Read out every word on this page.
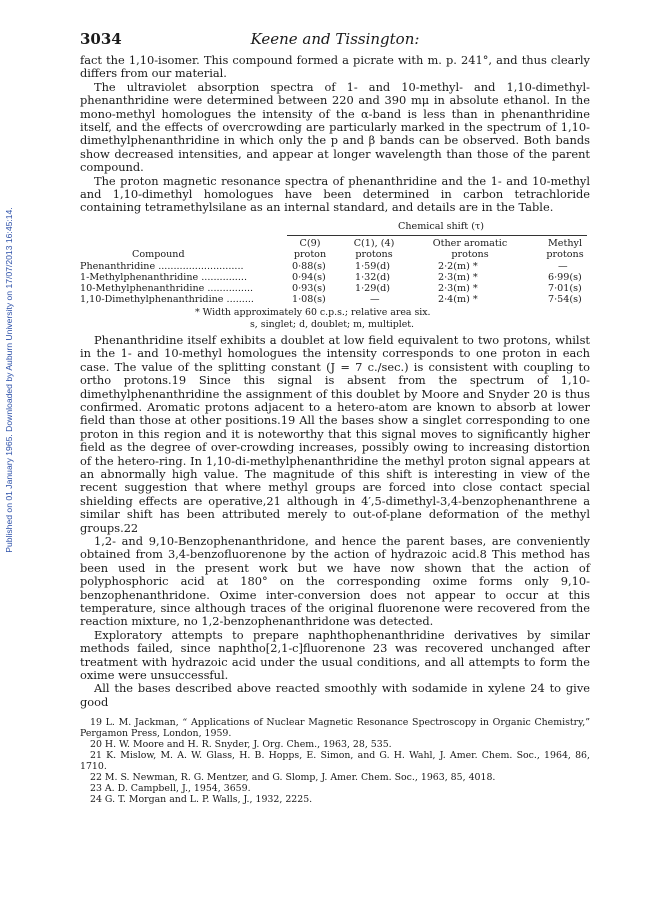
Published on 01 January 1965. Downloaded by Auburn University on 17/07/2013 16:45:14.
3034	Keene and Tissington:

fact the 1,10-isomer. This compound formed a picrate with m. p. 241°, and thus clearly differs from our material.

The ultraviolet absorption spectra of 1- and 10-methyl- and 1,10-dimethyl-phenanthridine were determined between 220 and 390 mμ in absolute ethanol. In the mono-methyl homologues the intensity of the α-band is less than in phenanthridine itself, and the effects of overcrowding are particularly marked in the spectrum of 1,10-dimethylphenanthridine in which only the p and β bands can be observed. Both bands show decreased intensities, and appear at longer wavelength than those of the parent compound.

The proton magnetic resonance spectra of phenanthridine and the 1- and 10-methyl and 1,10-dimethyl homologues have been determined in carbon tetrachloride containing tetramethylsilane as an internal standard, and details are in the Table.

Chemical shift (τ)
Compound
C(9) proton
C(1), (4) protons
Other aromatic protons
Methyl protons
Phenanthridine ............................	0·88(s)	1·59(d)	2·2(m) *	—
1-Methylphenanthridine ...............	0·94(s)	1·32(d)	2·3(m) *	6·99(s)
10-Methylphenanthridine ...............	0·93(s)	1·29(d)	2·3(m) *	7·01(s)
1,10-Dimethylphenanthridine .........	1·08(s)	—	2·4(m) *	7·54(s)
* Width approximately 60 c.p.s.; relative area six.
s, singlet; d, doublet; m, multiplet.

Phenanthridine itself exhibits a doublet at low field equivalent to two protons, whilst in the 1- and 10-methyl homologues the intensity corresponds to one proton in each case. The value of the splitting constant (J = 7 c./sec.) is consistent with coupling to ortho protons.19 Since this signal is absent from the spectrum of 1,10-dimethylphenanthridine the assignment of this doublet by Moore and Snyder 20 is thus confirmed. Aromatic protons adjacent to a hetero-atom are known to absorb at lower field than those at other positions.19 All the bases show a singlet corresponding to one proton in this region and it is noteworthy that this signal moves to significantly higher field as the degree of over-crowding increases, possibly owing to increasing distortion of the hetero-ring. In 1,10-di-methylphenanthridine the methyl proton signal appears at an abnormally high value. The magnitude of this shift is interesting in view of the recent suggestion that where methyl groups are forced into close contact special shielding effects are operative,21 although in 4′,5-dimethyl-3,4-benzophenanthrene a similar shift has been attributed merely to out-of-plane deformation of the methyl groups.22

1,2- and 9,10-Benzophenanthridone, and hence the parent bases, are conveniently obtained from 3,4-benzofluorenone by the action of hydrazoic acid.8 This method has been used in the present work but we have now shown that the action of polyphosphoric acid at 180° on the corresponding oxime forms only 9,10-benzophenanthridone. Oxime inter-conversion does not appear to occur at this temperature, since although traces of the original fluorenone were recovered from the reaction mixture, no 1,2-benzophenanthridone was detected.

Exploratory attempts to prepare naphthophenanthridine derivatives by similar methods failed, since naphtho[2,1-c]fluorenone 23 was recovered unchanged after treatment with hydrazoic acid under the usual conditions, and all attempts to form the oxime were unsuccessful.

All the bases described above reacted smoothly with sodamide in xylene 24 to give good

19 L. M. Jackman, “ Applications of Nuclear Magnetic Resonance Spectroscopy in Organic Chemistry,” Pergamon Press, London, 1959.
20 H. W. Moore and H. R. Snyder, J. Org. Chem., 1963, 28, 535.
21 K. Mislow, M. A. W. Glass, H. B. Hopps, E. Simon, and G. H. Wahl, J. Amer. Chem. Soc., 1964, 86, 1710.
22 M. S. Newman, R. G. Mentzer, and G. Slomp, J. Amer. Chem. Soc., 1963, 85, 4018.
23 A. D. Campbell, J., 1954, 3659.
24 G. T. Morgan and L. P. Walls, J., 1932, 2225.
